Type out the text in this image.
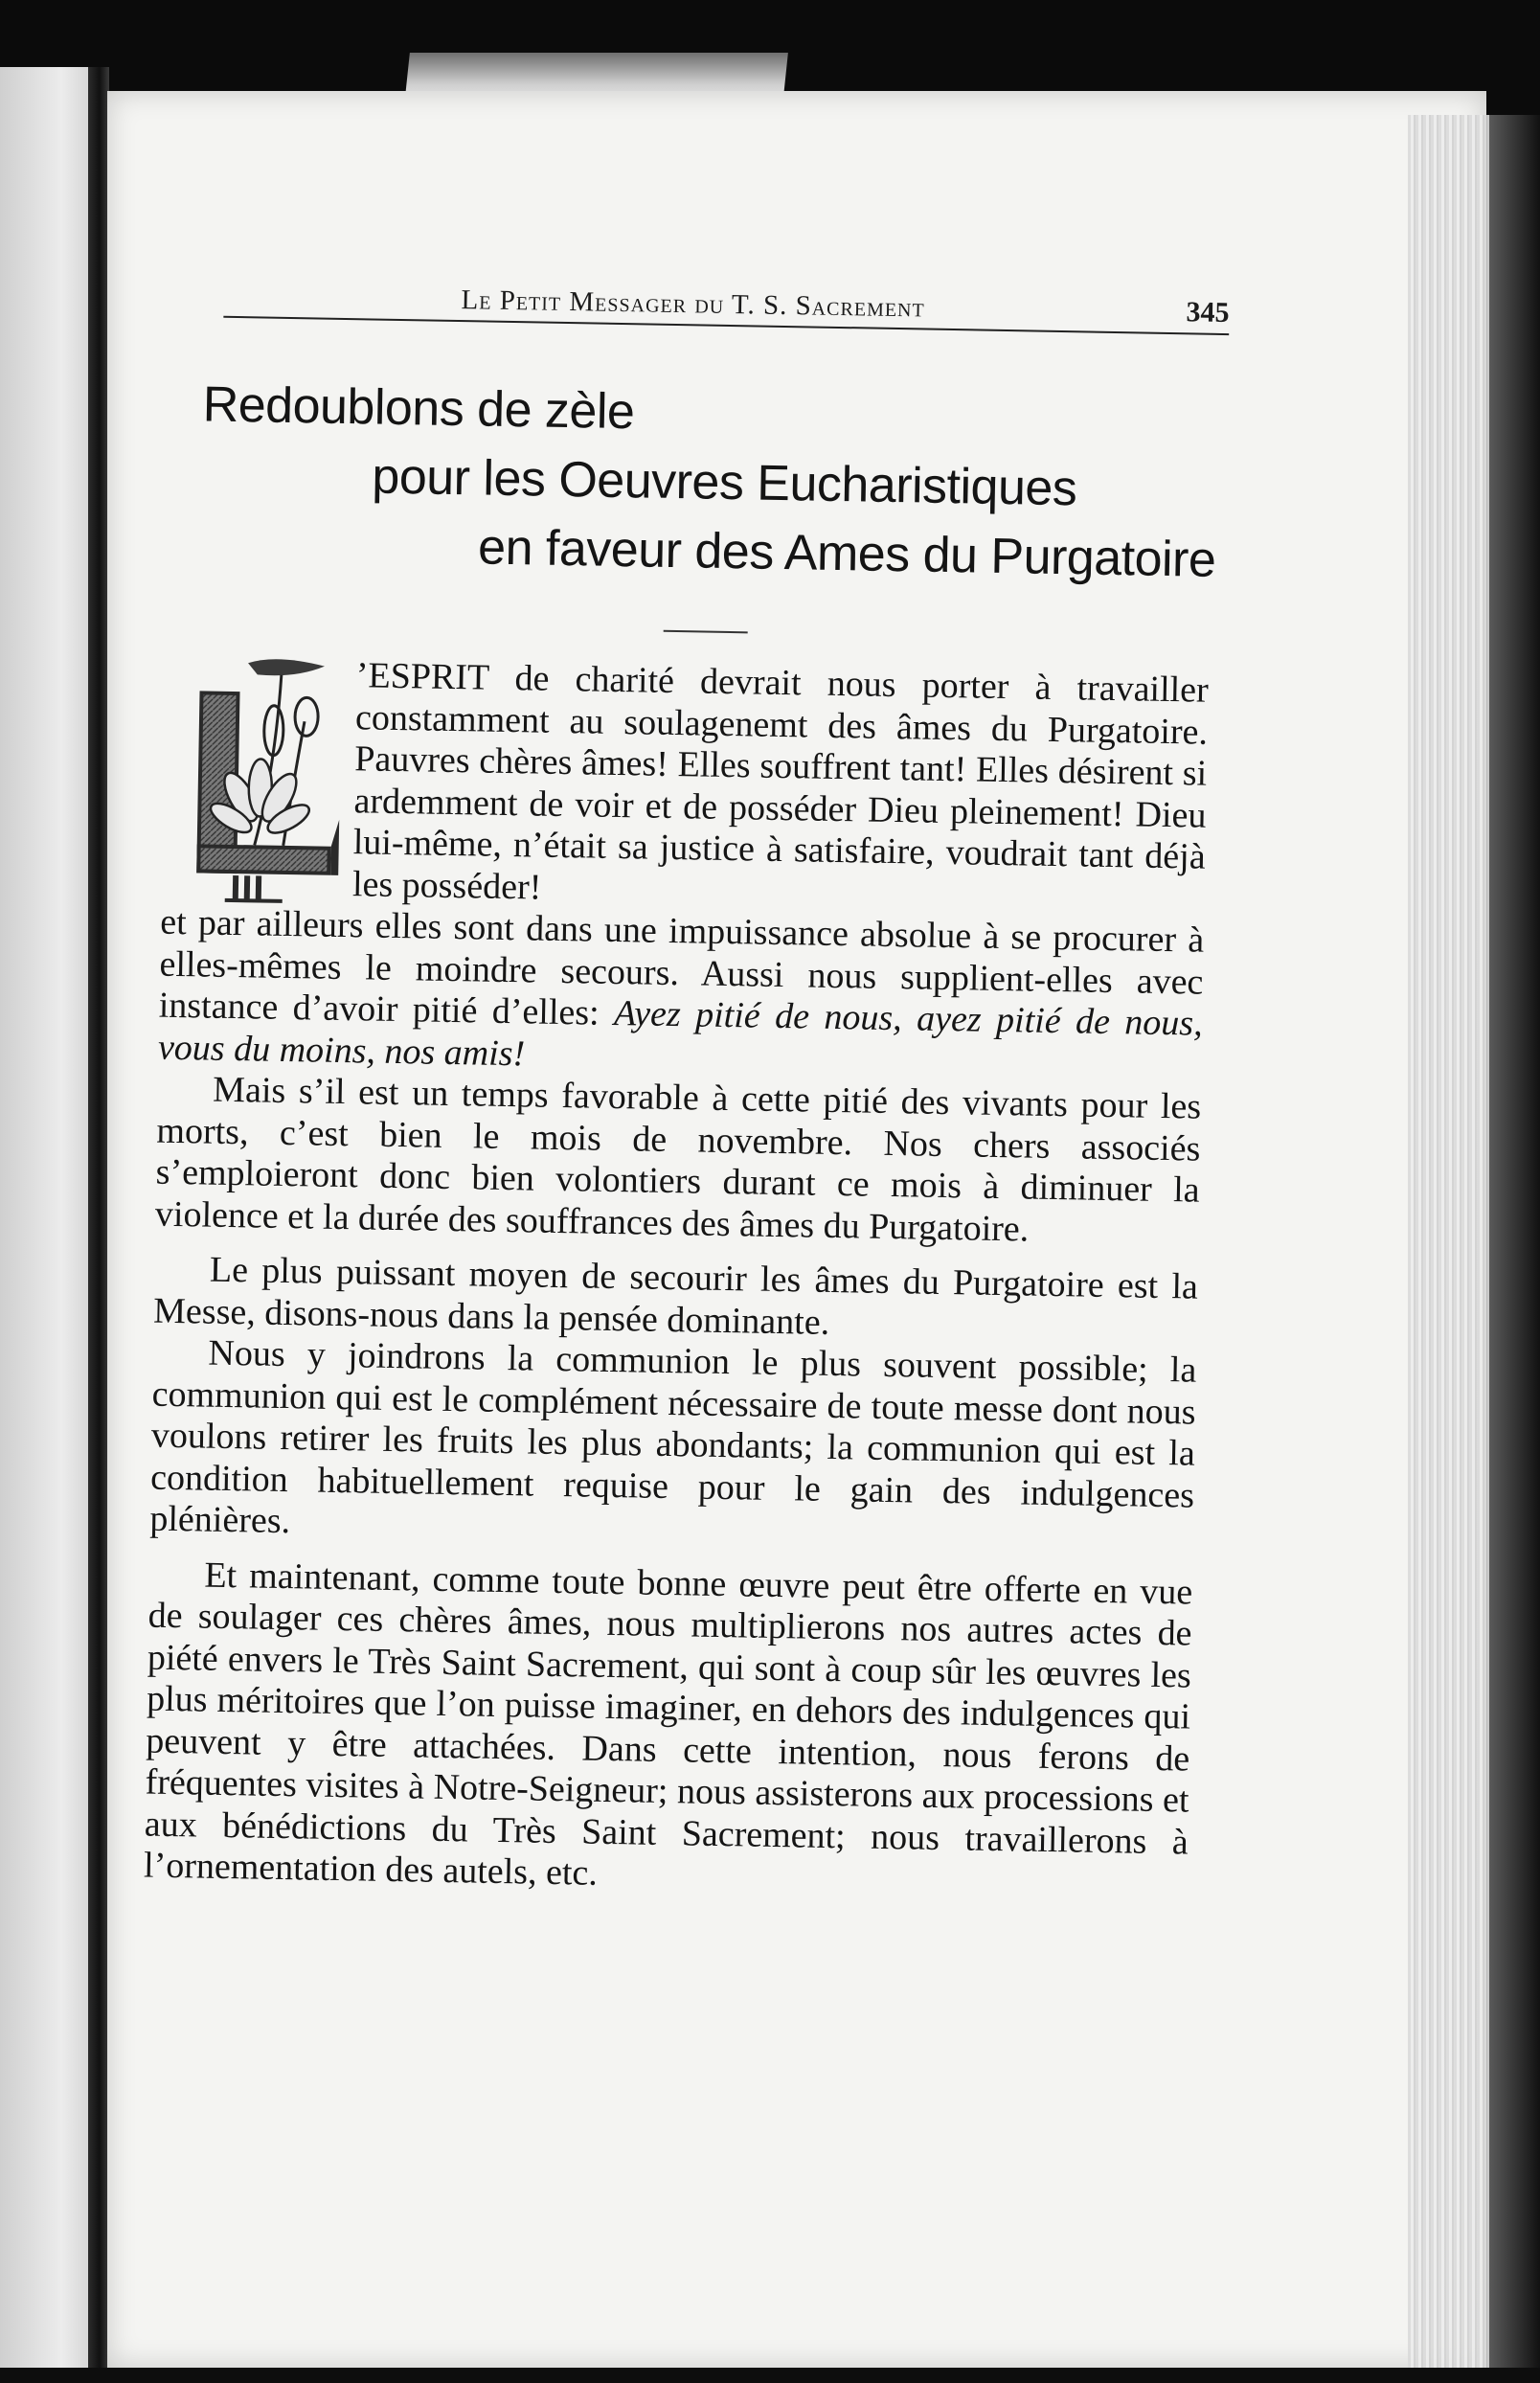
Le Petit Messager du T. S. Sacrement	345
Redoublons de zèle
pour les Oeuvres Eucharistiques
en faveur des Ames du Purgatoire

’ESPRIT de charité devrait nous porter à travailler constamment au soulagenemt des âmes du Purgatoire. Pauvres chères âmes! Elles souffrent tant! Elles désirent si ardemment de voir et de posséder Dieu pleinement! Dieu lui-même, n’était sa justice à satisfaire, voudrait tant déjà les posséder!

et par ailleurs elles sont dans une impuissance absolue à se procurer à elles-mêmes le moindre secours. Aussi nous supplient-elles avec instance d’avoir pitié d’elles: Ayez pitié de nous, ayez pitié de nous, vous du moins, nos amis!

Mais s’il est un temps favorable à cette pitié des vivants pour les morts, c’est bien le mois de novembre. Nos chers associés s’emploieront donc bien volontiers durant ce mois à diminuer la violence et la durée des souffrances des âmes du Purgatoire.

Le plus puissant moyen de secourir les âmes du Purgatoire est la Messe, disons-nous dans la pensée dominante.

Nous y joindrons la communion le plus souvent possible; la communion qui est le complément nécessaire de toute messe dont nous voulons retirer les fruits les plus abondants; la communion qui est la condition habituellement requise pour le gain des indulgences plénières.

Et maintenant, comme toute bonne œuvre peut être offerte en vue de soulager ces chères âmes, nous multiplierons nos autres actes de piété envers le Très Saint Sacrement, qui sont à coup sûr les œuvres les plus méritoires que l’on puisse imaginer, en dehors des indulgences qui peuvent y être attachées. Dans cette intention, nous ferons de fréquentes visites à Notre-Seigneur; nous assisterons aux processions et aux bénédictions du Très Saint Sacrement; nous travaillerons à l’ornementation des autels, etc.
